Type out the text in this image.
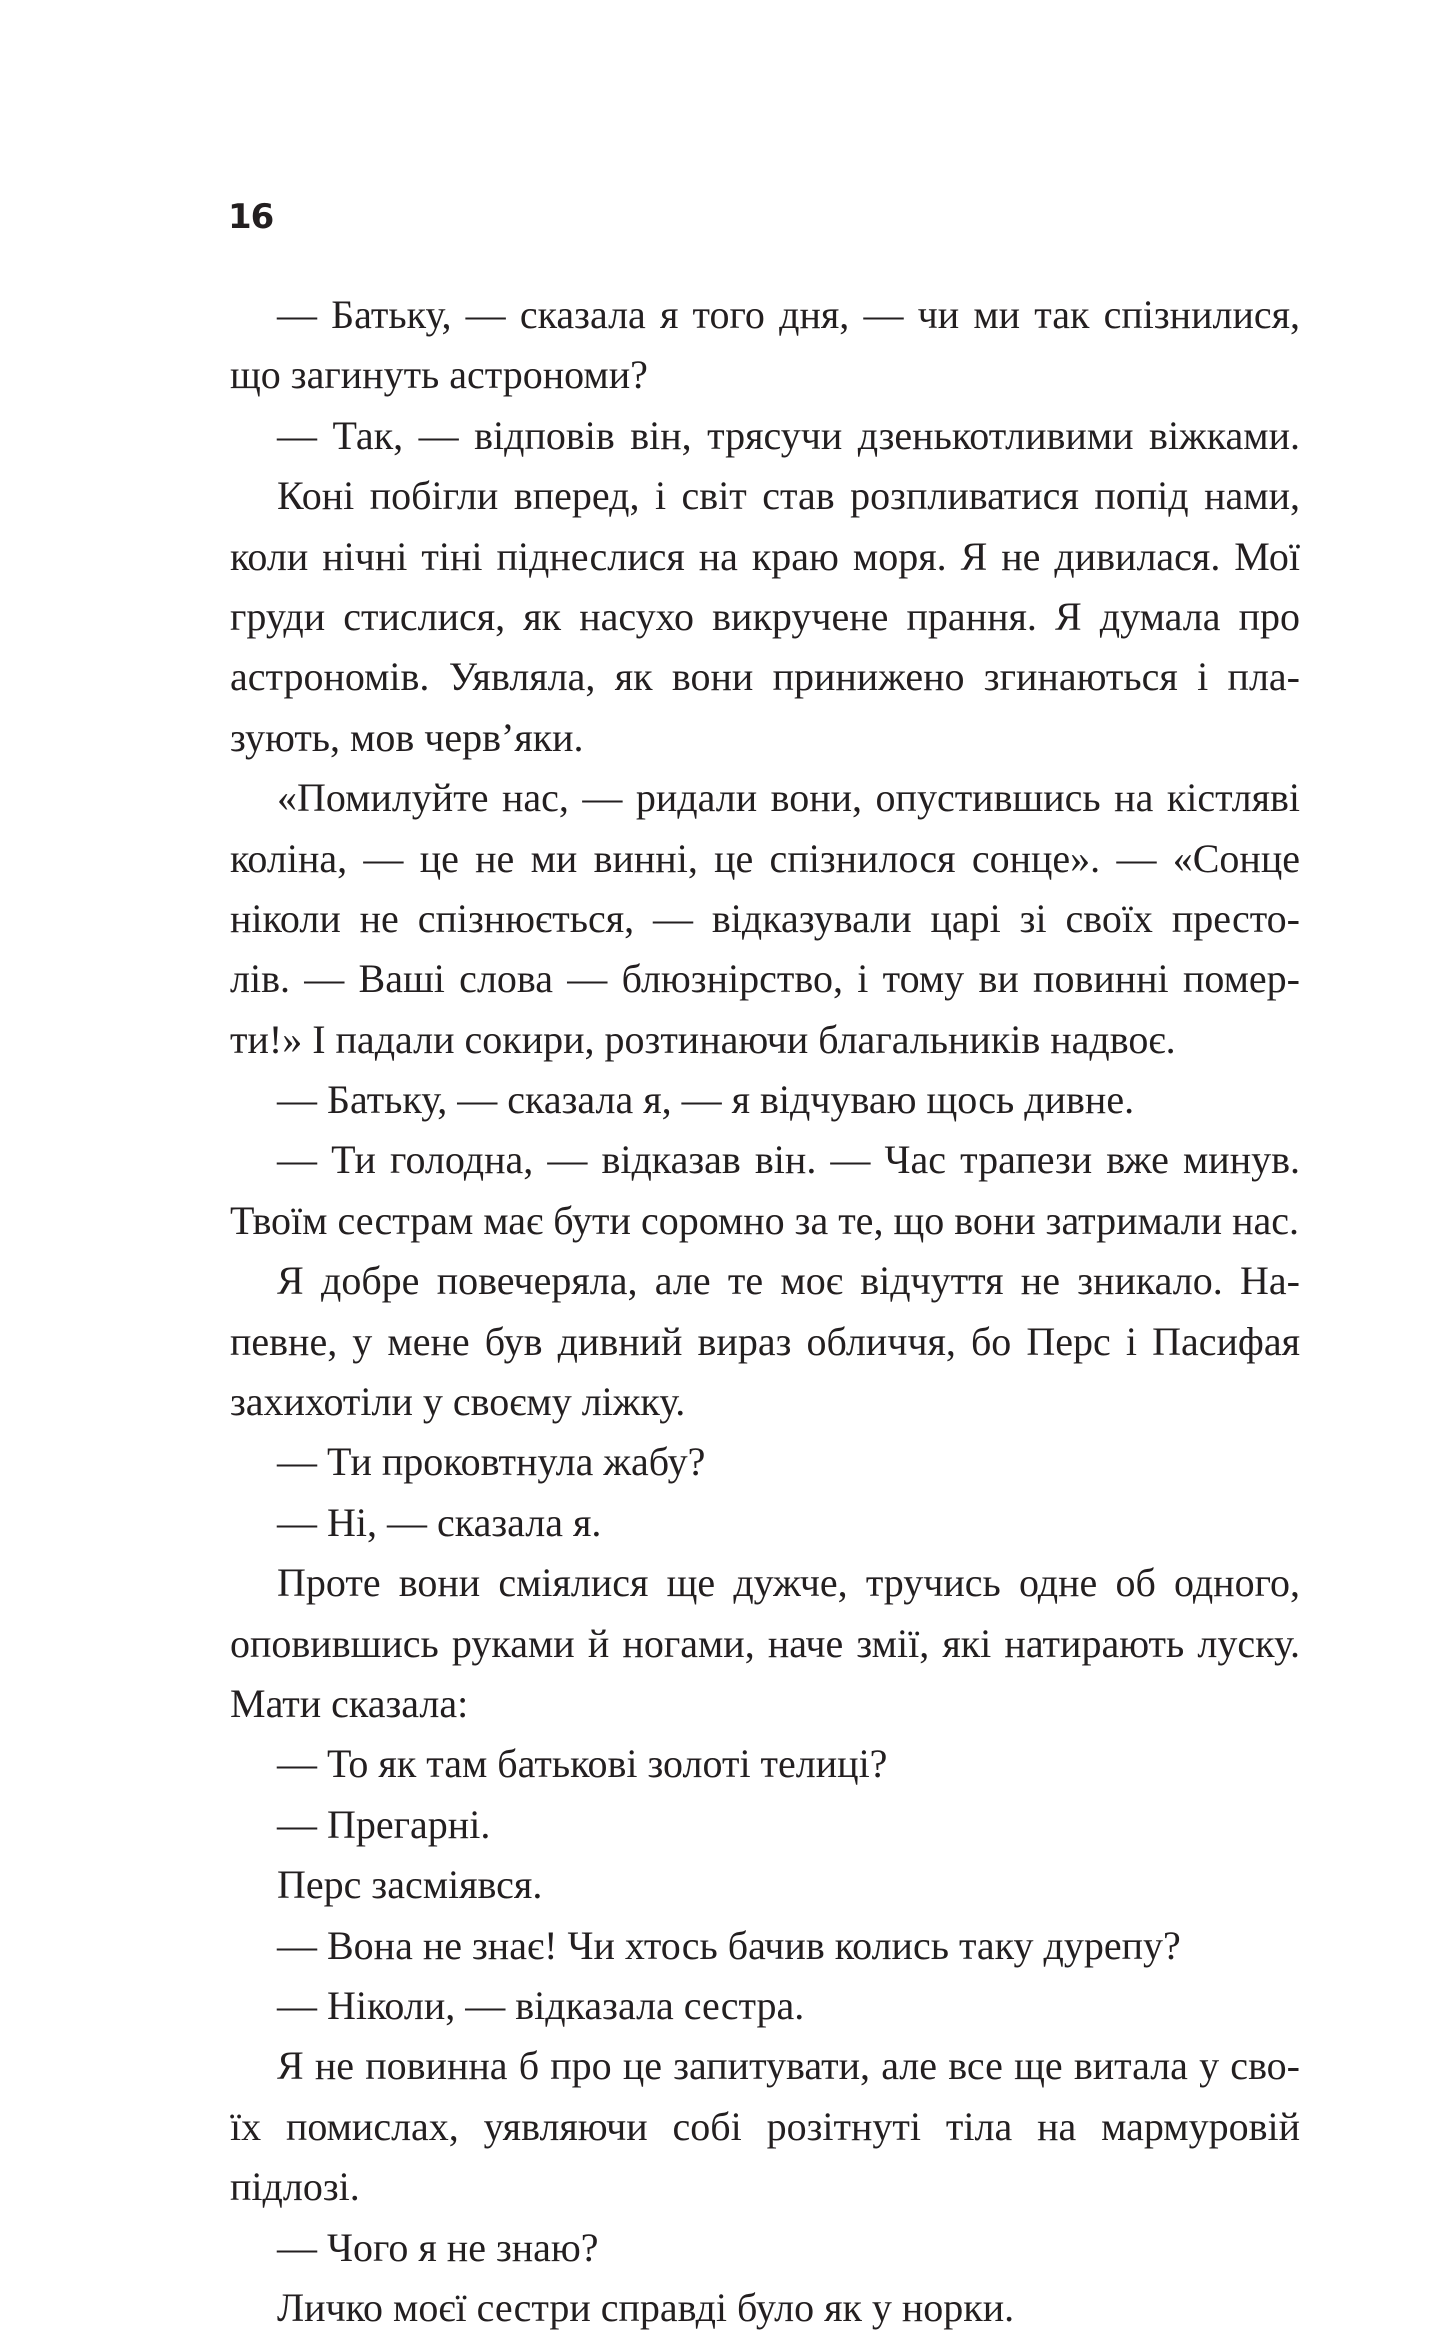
16
— Батьку, — сказала я того дня, — чи ми так спізнилися,
що загинуть астрономи?
— Так, — відповів він, трясучи дзенькотливими віжками.
Коні побігли вперед, і світ став розпливатися попід нами,
коли нічні тіні піднеслися на краю моря. Я не дивилася. Мої
груди стислися, як насухо викручене прання. Я думала про
астрономів. Уявляла, як вони принижено згинаються і пла-
зують, мов черв’яки.
«Помилуйте нас, — ридали вони, опустившись на кістляві
коліна, — це не ми винні, це спізнилося сонце». — «Сонце
ніколи не спізнюється, — відказували царі зі своїх престо-
лів. — Ваші слова — блюзнірство, і тому ви повинні помер-
ти!» І падали сокири, розтинаючи благальників надвоє.
— Батьку, — сказала я, — я відчуваю щось дивне.
— Ти голодна, — відказав він. — Час трапези вже минув.
Твоїм сестрам має бути соромно за те, що вони затримали нас.
Я добре повечеряла, але те моє відчуття не зникало. На-
певне, у мене був дивний вираз обличчя, бо Перс і Пасифая
захихотіли у своєму ліжку.
— Ти проковтнула жабу?
— Ні, — сказала я.
Проте вони сміялися ще дужче, тручись одне об одного,
оповившись руками й ногами, наче змії, які натирають луску.
Мати сказала:
— То як там батькові золоті телиці?
— Прегарні.
Перс засміявся.
— Вона не знає! Чи хтось бачив колись таку дурепу?
— Ніколи, — відказала сестра.
Я не повинна б про це запитувати, але все ще витала у сво-
їх помислах, уявляючи собі розітнуті тіла на мармуровій
підлозі.
— Чого я не знаю?
Личко моєї сестри справді було як у норки.
